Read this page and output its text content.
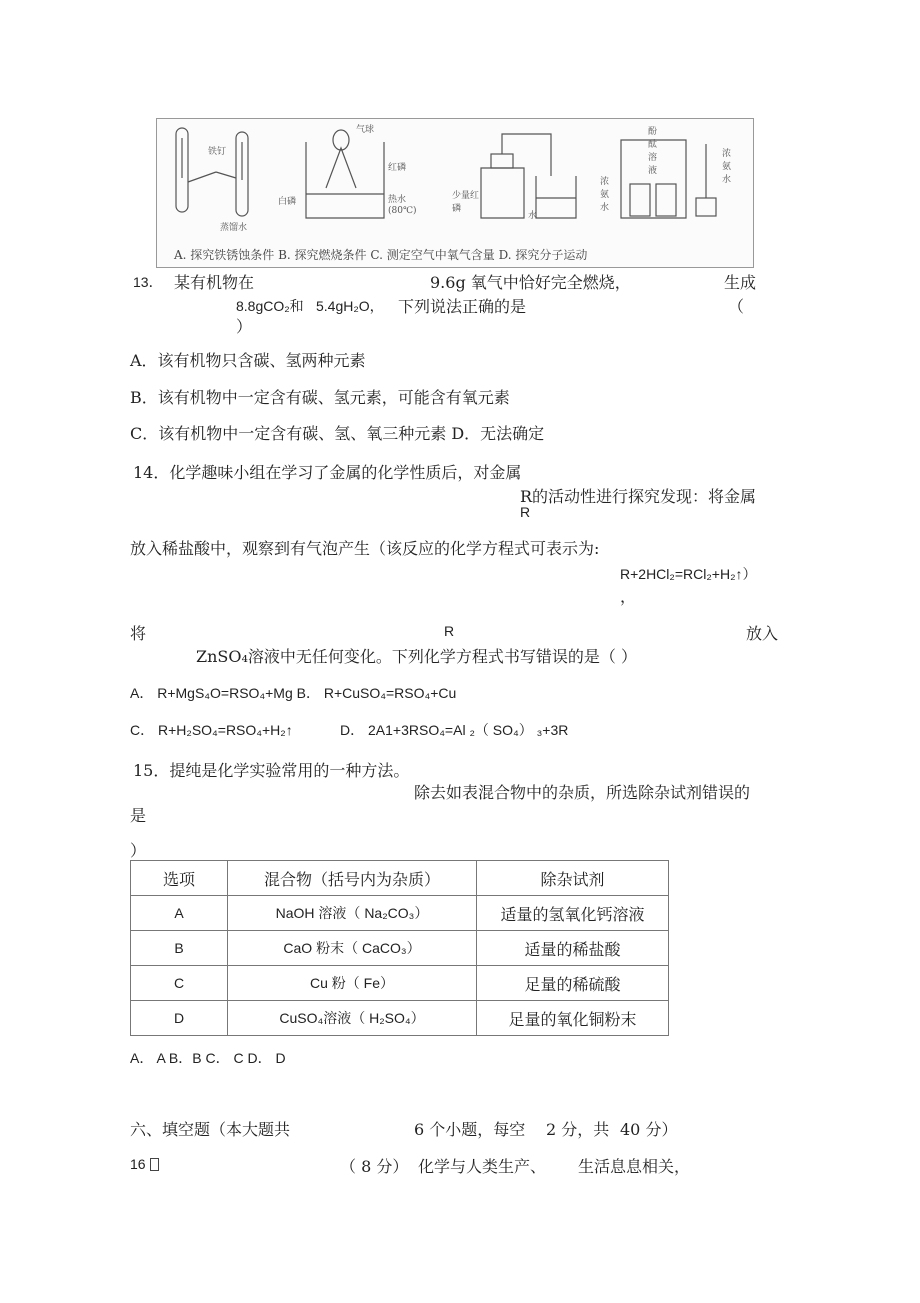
铁钉
蒸馏水
气球
红磷
白磷	热水
(80℃)
少量红磷
水
酚酞溶液
浓氨水
浓氨水
A. 探究铁锈蚀条件 B. 探究燃烧条件 C. 测定空气中氧气含量 D. 探究分子运动
13． 某有机物在	9.6g 氧气中恰好完全燃烧，	生成
8.8gCO₂和 5.4gH₂O， 下列说法正确的是	（
）
A．该有机物只含碳、氢两种元素
B．该有机物中一定含有碳、氢元素，可能含有氧元素
C．该有机物中一定含有碳、氢、氧三种元素 D．无法确定
14．化学趣味小组在学习了金属的化学性质后，对金属
R的活动性进行探究发现：将金属
R
放入稀盐酸中，观察到有气泡产生（该反应的化学方程式可表示为:
R+2HCl₂=RCl₂+H₂↑）
，
将	R	放入
ZnSO₄溶液中无任何变化。下列化学方程式书写错误的是（ ）
A． R+MgS₄O=RSO₄+Mg B． R+CuSO₄=RSO₄+Cu
C． R+H₂SO₄=RSO₄+H₂↑	D． 2A1+3RSO₄=Al ₂（ SO₄） ₃+3R
15．提纯是化学实验常用的一种方法。
除去如表混合物中的杂质，所选除杂试剂错误的
是
）
选项	混合物（括号内为杂质）	除杂试剂
A	NaOH 溶液（ Na₂CO₃）	适量的氢氧化钙溶液
B	CaO 粉末（ CaCO₃）	适量的稀盐酸
C	Cu 粉（ Fe）	足量的稀硫酸
D	CuSO₄溶液（ H₂SO₄）	足量的氧化铜粉末
A． A B．B C． C D． D
六、填空题（本大题共	6 个小题，每空 2 分，共 40 分）
16	（ 8 分） 化学与人类生产、 生活息息相关，
